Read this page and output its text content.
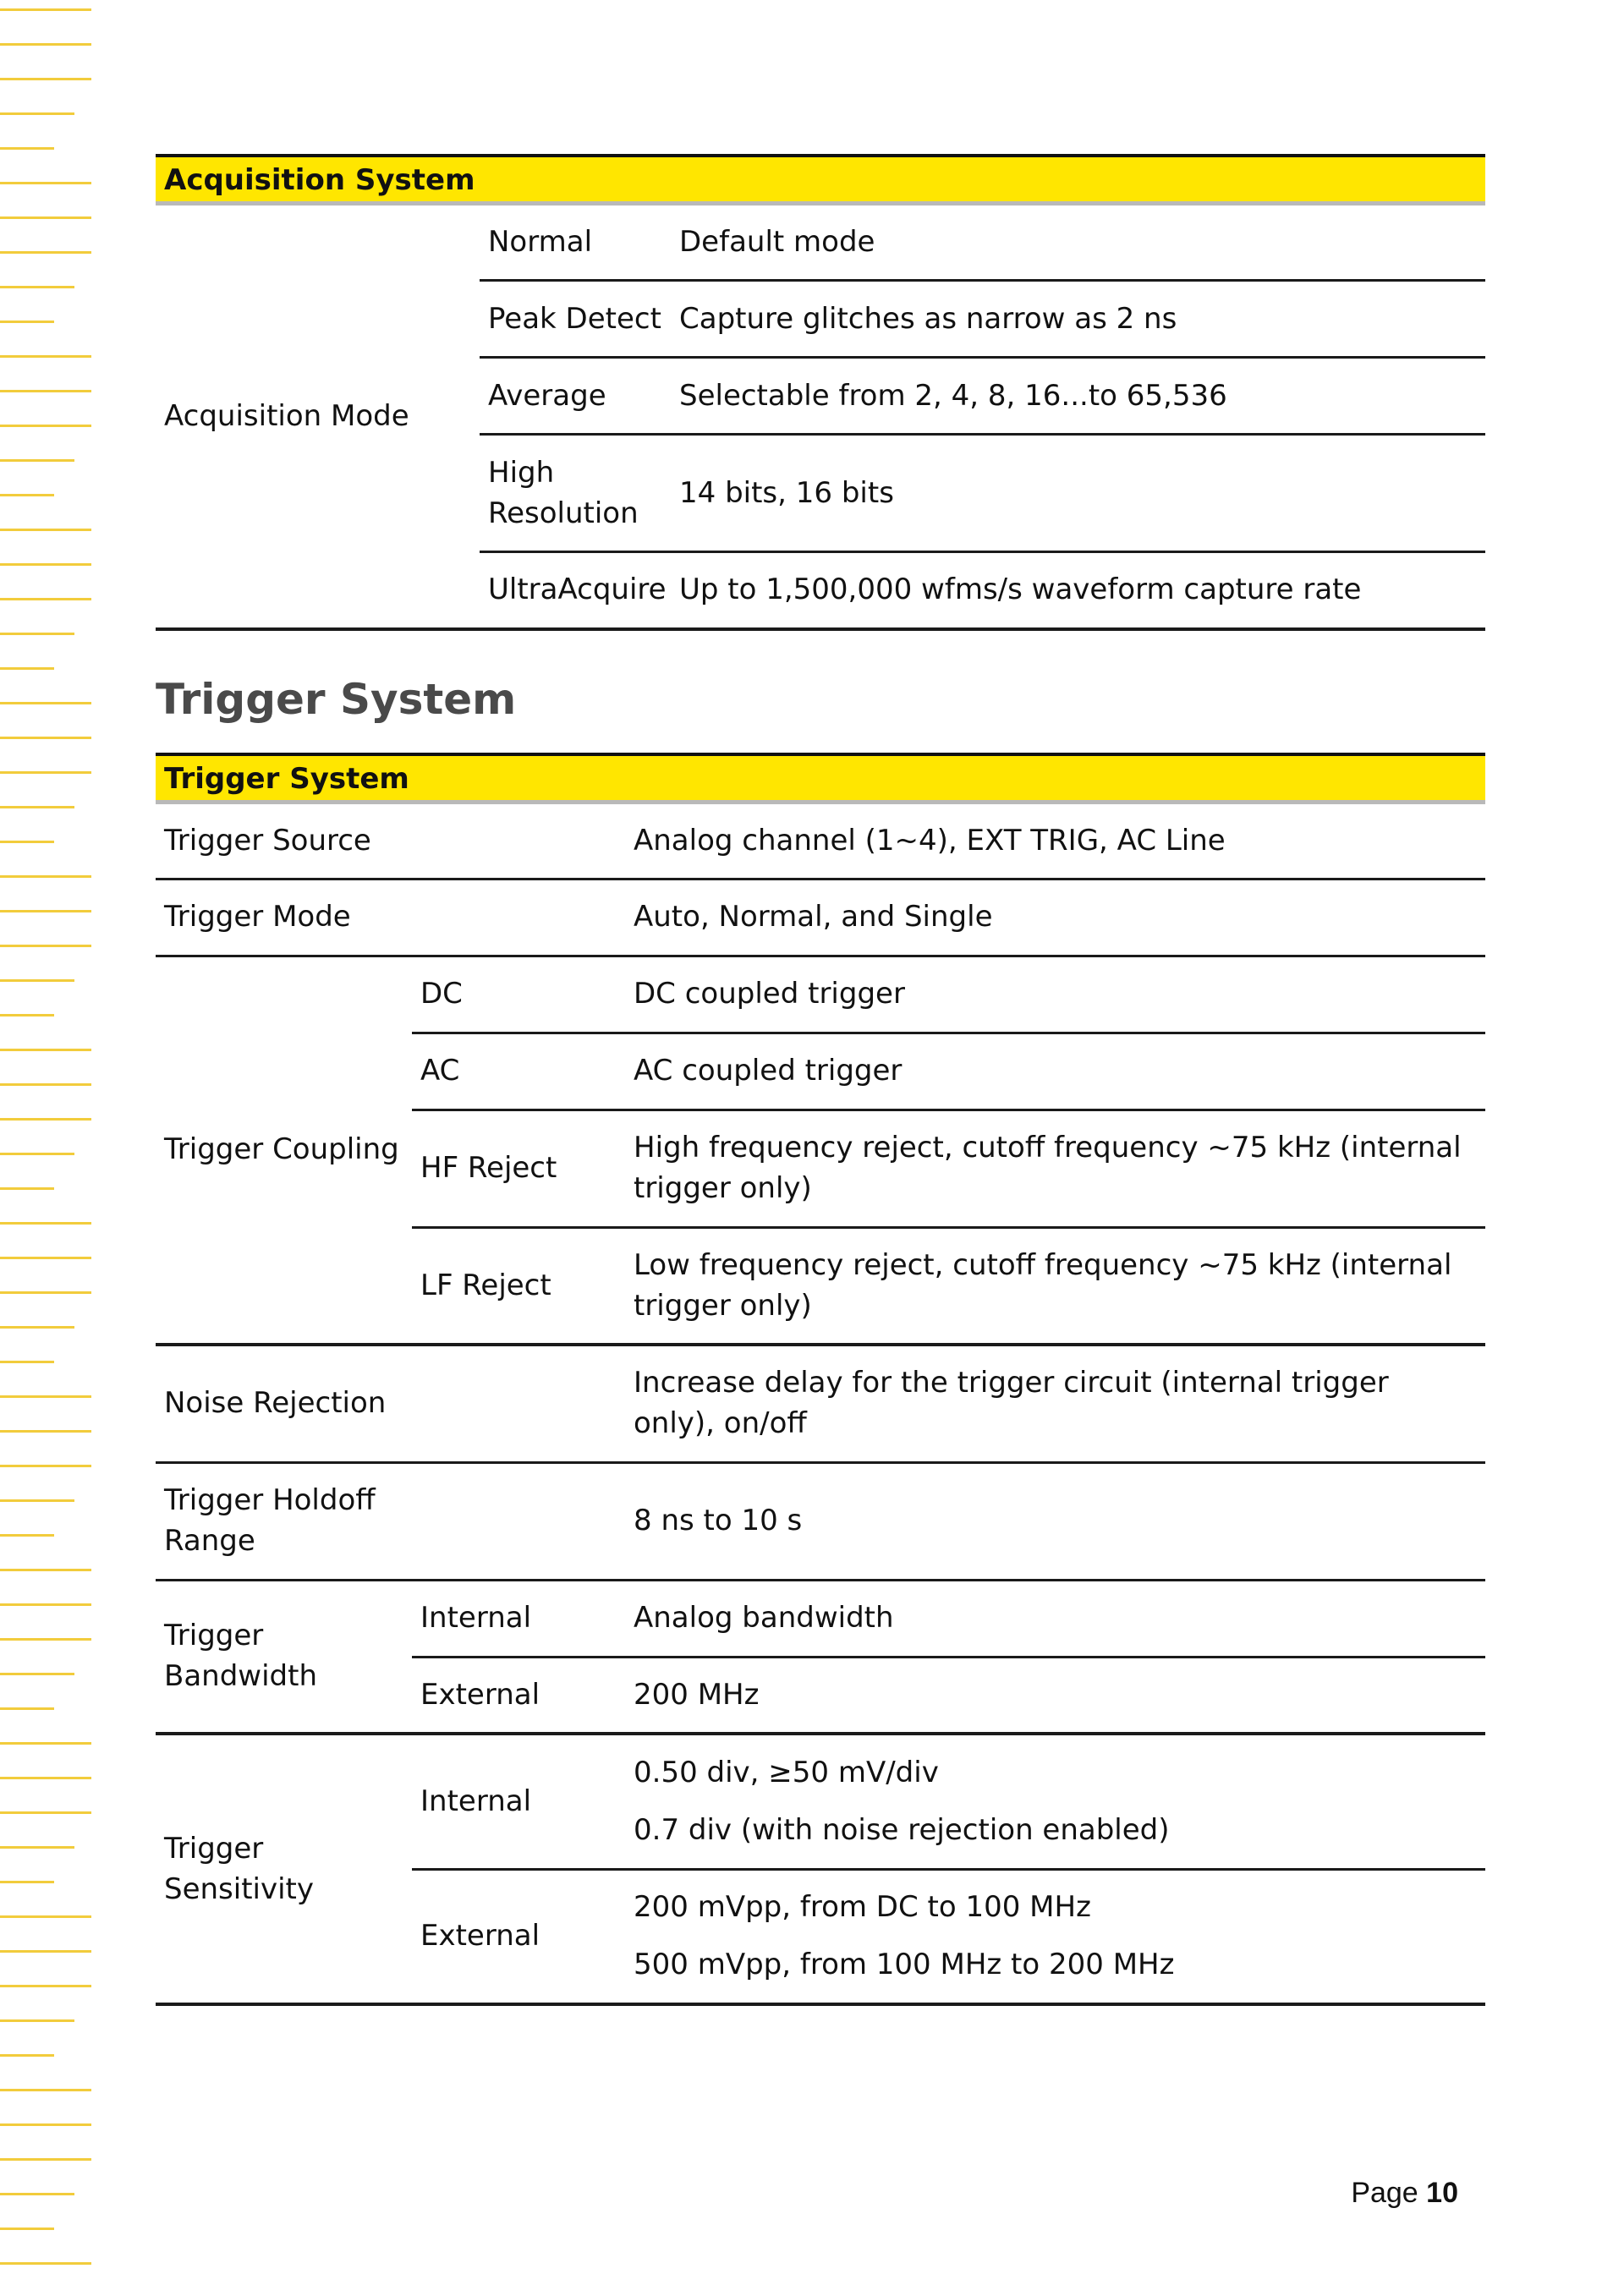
Acquisition System		
Acquisition Mode	Normal	Default mode
	Peak Detect	Capture glitches as narrow as 2 ns
	Average	Selectable from 2, 4, 8, 16...to 65,536
	High Resolution	14 bits, 16 bits
	UltraAcquire	Up to 1,500,000 wfms/s waveform capture rate
Trigger System
Trigger System		
Trigger Source		Analog channel (1~4), EXT TRIG, AC Line
Trigger Mode		Auto, Normal, and Single
Trigger Coupling	DC	DC coupled trigger
	AC	AC coupled trigger
	HF Reject	High frequency reject, cutoff frequency ~75 kHz (internal trigger only)
	LF Reject	Low frequency reject, cutoff frequency ~75 kHz (internal trigger only)
Noise Rejection		Increase delay for the trigger circuit (internal trigger only), on/off

Trigger Holdoff Range		8 ns to 10 s

Trigger Bandwidth	Internal	Analog bandwidth
	External	200 MHz
Trigger Sensitivity	Internal	0.50 div, ≥50 mV/div
0.7 div (with noise rejection enabled)

	External	200 mVpp, from DC to 100 MHz
500 mVpp, from 100 MHz to 200 MHz
Page 10
